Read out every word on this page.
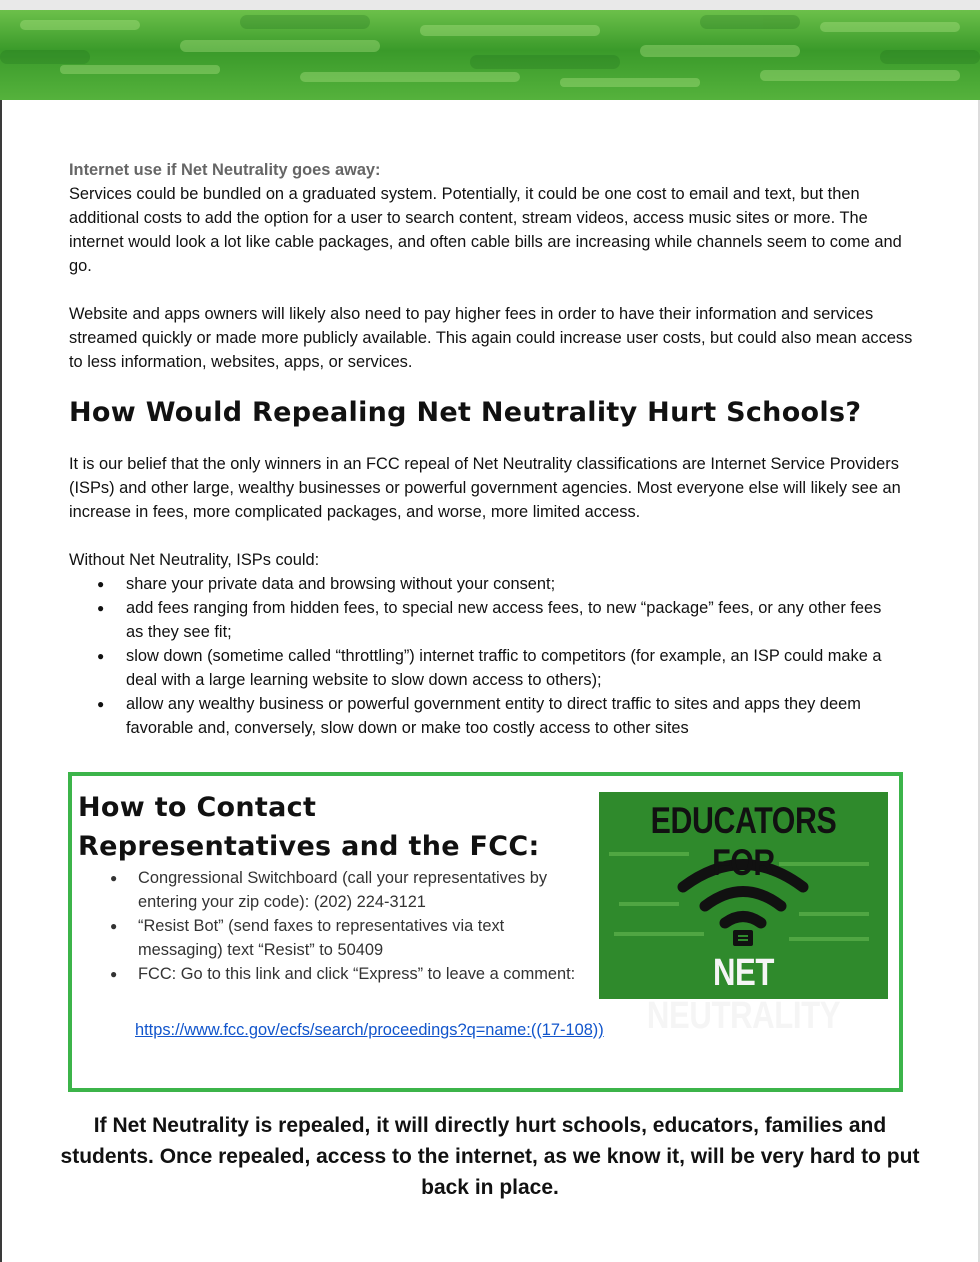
Internet use if Net Neutrality goes away:

Services could be bundled on a graduated system. Potentially, it could be one cost to email and text, but then additional costs to add the option for a user to search content, stream videos, access music sites or more. The internet would look a lot like cable packages, and often cable bills are increasing while channels seem to come and go.

Website and apps owners will likely also need to pay higher fees in order to have their information and services streamed quickly or made more publicly available. This again could increase user costs, but could also mean access to less information, websites, apps, or services.

How Would Repealing Net Neutrality Hurt Schools?

It is our belief that the only winners in an FCC repeal of Net Neutrality classifications are Internet Service Providers (ISPs) and other large, wealthy businesses or powerful government agencies. Most everyone else will likely see an increase in fees, more complicated packages, and worse, more limited access.

Without Net Neutrality, ISPs could:

● share your private data and browsing without your consent;
● add fees ranging from hidden fees, to special new access fees, to new “package” fees, or any other fees as they see fit;
● slow down (sometime called “throttling”) internet traffic to competitors (for example, an ISP could make a deal with a large learning website to slow down access to others);
● allow any wealthy business or powerful government entity to direct traffic to sites and apps they deem favorable and, conversely, slow down or make too costly access to other sites
How to Contact Representatives and the FCC:
● Congressional Switchboard (call your representatives by entering your zip code): (202) 224-3121
● “Resist Bot” (send faxes to representatives via text messaging) text “Resist” to 50409
● FCC: Go to this link and click “Express” to leave a comment:
https://www.fcc.gov/ecfs/search/proceedings?q=name:((17-108))
EDUCATORS FOR
NET NEUTRALITY

If Net Neutrality is repealed, it will directly hurt schools, educators, families and students. Once repealed, access to the internet, as we know it, will be very hard to put back in place.
